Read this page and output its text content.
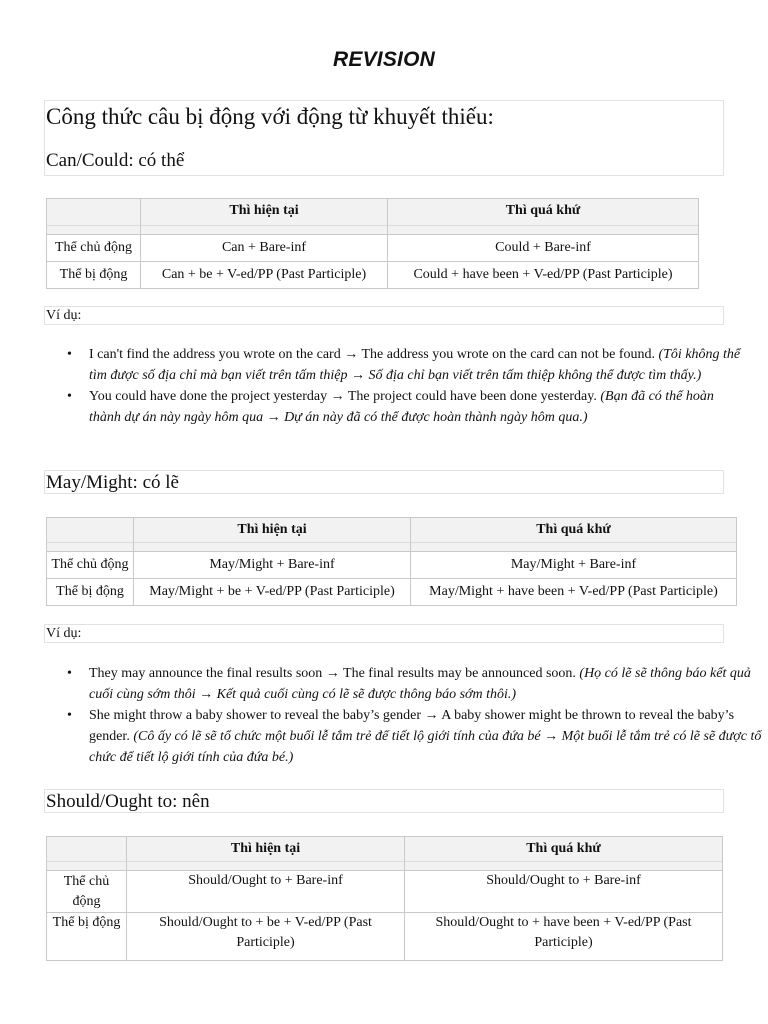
REVISION
Công thức câu bị động với động từ khuyết thiếu:
Can/Could: có thể
	Thì hiện tại	Thì quá khứ

Thể chủ động	Can + Bare-inf	Could + Bare-inf
Thể bị động	Can + be + V-ed/PP (Past Participle)	Could + have been + V-ed/PP (Past Participle)
Ví dụ:
• I can't find the address you wrote on the card → The address you wrote on the card can not be found. (Tôi không thể tìm được số địa chỉ mà bạn viết trên tấm thiệp → Số địa chỉ bạn viết trên tấm thiệp không thể được tìm thấy.)
• You could have done the project yesterday → The project could have been done yesterday. (Bạn đã có thể hoàn thành dự án này ngày hôm qua → Dự án này đã có thể được hoàn thành ngày hôm qua.)
May/Might: có lẽ
	Thì hiện tại	Thì quá khứ

Thể chủ động	May/Might + Bare-inf	May/Might + Bare-inf
Thể bị động	May/Might + be + V-ed/PP (Past Participle)	May/Might + have been + V-ed/PP (Past Participle)
Ví dụ:
• They may announce the final results soon → The final results may be announced soon. (Họ có lẽ sẽ thông báo kết quả cuối cùng sớm thôi → Kết quả cuối cùng có lẽ sẽ được thông báo sớm thôi.)
• She might throw a baby shower to reveal the baby’s gender → A baby shower might be thrown to reveal the baby’s gender. (Cô ấy có lẽ sẽ tổ chức một buổi lễ tắm trẻ để tiết lộ giới tính của đứa bé → Một buổi lễ tắm trẻ có lẽ sẽ được tổ chức để tiết lộ giới tính của đứa bé.)
Should/Ought to: nên
	Thì hiện tại	Thì quá khứ

Thể chủ động	Should/Ought to + Bare-inf	Should/Ought to + Bare-inf
Thể bị động	Should/Ought to + be + V-ed/PP (Past Participle)	Should/Ought to + have been + V-ed/PP (Past Participle)
